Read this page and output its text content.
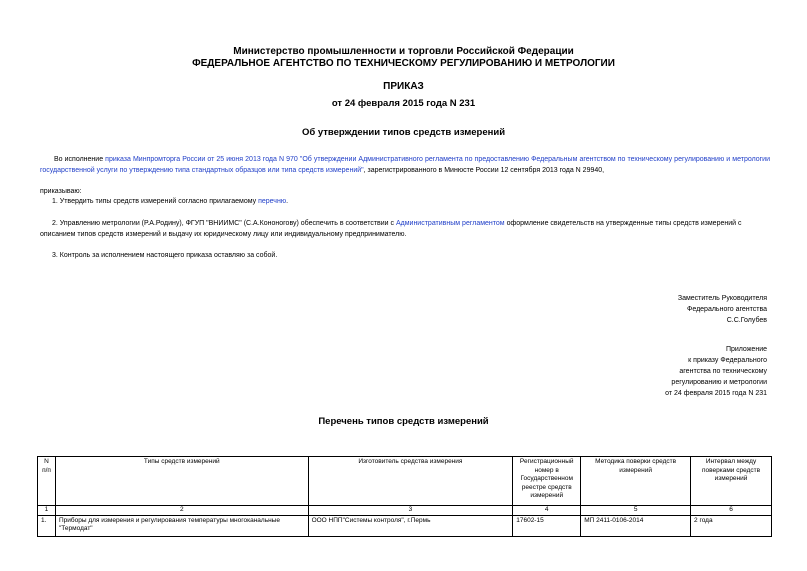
Министерство промышленности и торговли Российской Федерации
ФЕДЕРАЛЬНОЕ АГЕНТСТВО ПО ТЕХНИЧЕСКОМУ РЕГУЛИРОВАНИЮ И МЕТРОЛОГИИ
ПРИКАЗ
от 24 февраля 2015 года N 231
Об утверждении типов средств измерений
Во исполнение приказа Минпромторга России от 25 июня 2013 года N 970 "Об утверждении Административного регламента по предоставлению Федеральным агентством по техническому регулированию и метрологии государственной услуги по утверждению типа стандартных образцов или типа средств измерений", зарегистрированного в Минюсте России 12 сентября 2013 года N 29940,
приказываю:
1. Утвердить типы средств измерений согласно прилагаемому перечню.
2. Управлению метрологии (Р.А.Родину), ФГУП "ВНИИМС" (С.А.Кононогову) обеспечить в соответствии с Административным регламентом оформление свидетельств на утвержденные типы средств измерений с описанием типов средств измерений и выдачу их юридическому лицу или индивидуальному предпринимателю.
3. Контроль за исполнением настоящего приказа оставляю за собой.
Заместитель Руководителя
Федерального агентства
С.С.Голубев
Приложение
к приказу Федерального
агентства по техническому
регулированию и метрологии
от 24 февраля 2015 года N 231
Перечень типов средств измерений
N п/п	Типы средств измерений	Изготовитель средства измерения	Регистрационный номер в Государственном реестре средств измерений	Методика поверки средств измерений	Интервал между поверками средств измерений
1	2	3	4	5	6
1.	Приборы для измерения и регулирования температуры многоканальные "Термодат"	ООО НПП"Системы контроля", г.Пермь	17602-15	МП 2411-0106-2014	2 года
